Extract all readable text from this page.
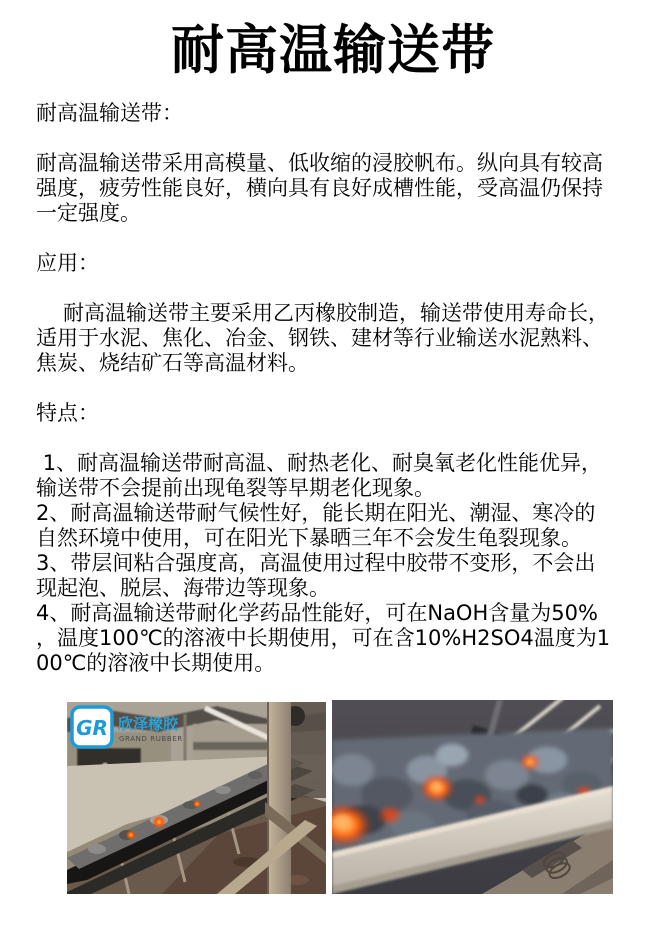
耐高温输送带

耐高温输送带：

耐高温输送带采用高模量、低收缩的浸胶帆布。纵向具有较高强度，疲劳性能良好，横向具有良好成槽性能，受高温仍保持一定强度。

应用：

耐高温输送带主要采用乙丙橡胶制造，输送带使用寿命长，适用于水泥、焦化、冶金、钢铁、建材等行业输送水泥熟料、焦炭、烧结矿石等高温材料。

特点：

1、耐高温输送带耐高温、耐热老化、耐臭氧老化性能优异，输送带不会提前出现龟裂等早期老化现象。
2、耐高温输送带耐气候性好，能长期在阳光、潮湿、寒冷的自然环境中使用，可在阳光下暴晒三年不会发生龟裂现象。
3、带层间粘合强度高，高温使用过程中胶带不变形，不会出现起泡、脱层、海带边等现象。
4、耐高温输送带耐化学药品性能好，可在NaOH含量为50%，温度100℃的溶液中长期使用，可在含10%H2SO4温度为100℃的溶液中长期使用。
GR 欣泽橡胶
GRAND RUBBER
